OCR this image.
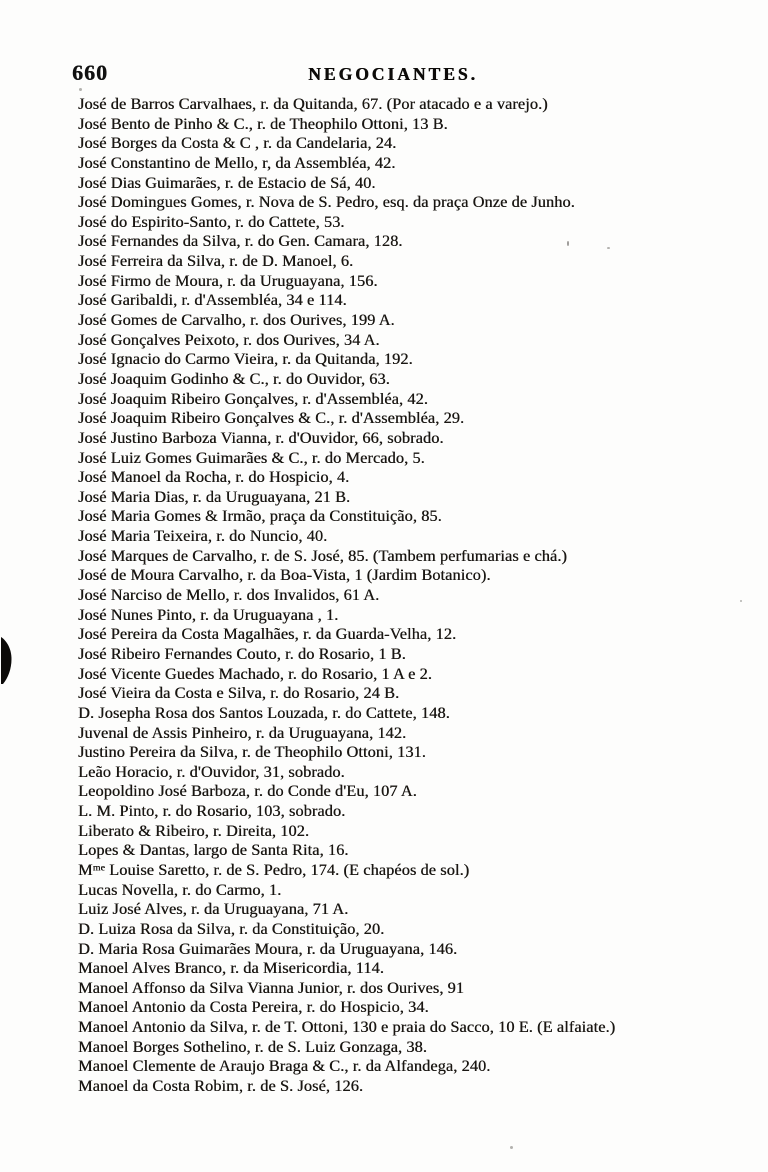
660	NEGOCIANTES.
José de Barros Carvalhaes, r. da Quitanda, 67. (Por atacado e a varejo.)
José Bento de Pinho & C., r. de Theophilo Ottoni, 13 B.
José Borges da Costa & C , r. da Candelaria, 24.
José Constantino de Mello, r, da Assembléa, 42.
José Dias Guimarães, r. de Estacio de Sá, 40.
José Domingues Gomes, r. Nova de S. Pedro, esq. da praça Onze de Junho.
José do Espirito-Santo, r. do Cattete, 53.
José Fernandes da Silva, r. do Gen. Camara, 128.
José Ferreira da Silva, r. de D. Manoel, 6.
José Firmo de Moura, r. da Uruguayana, 156.
José Garibaldi, r. d'Assembléa, 34 e 114.
José Gomes de Carvalho, r. dos Ourives, 199 A.
José Gonçalves Peixoto, r. dos Ourives, 34 A.
José Ignacio do Carmo Vieira, r. da Quitanda, 192.
José Joaquim Godinho & C., r. do Ouvidor, 63.
José Joaquim Ribeiro Gonçalves, r. d'Assembléa, 42.
José Joaquim Ribeiro Gonçalves & C., r. d'Assembléa, 29.
José Justino Barboza Vianna, r. d'Ouvidor, 66, sobrado.
José Luiz Gomes Guimarães & C., r. do Mercado, 5.
José Manoel da Rocha, r. do Hospicio, 4.
José Maria Dias, r. da Uruguayana, 21 B.
José Maria Gomes & Irmão, praça da Constituição, 85.
José Maria Teixeira, r. do Nuncio, 40.
José Marques de Carvalho, r. de S. José, 85. (Tambem perfumarias e chá.)
José de Moura Carvalho, r. da Boa-Vista, 1 (Jardim Botanico).
José Narciso de Mello, r. dos Invalidos, 61 A.
José Nunes Pinto, r. da Uruguayana , 1.
José Pereira da Costa Magalhães, r. da Guarda-Velha, 12.
José Ribeiro Fernandes Couto, r. do Rosario, 1 B.
José Vicente Guedes Machado, r. do Rosario, 1 A e 2.
José Vieira da Costa e Silva, r. do Rosario, 24 B.
D. Josepha Rosa dos Santos Louzada, r. do Cattete, 148.
Juvenal de Assis Pinheiro, r. da Uruguayana, 142.
Justino Pereira da Silva, r. de Theophilo Ottoni, 131.
Leão Horacio, r. d'Ouvidor, 31, sobrado.
Leopoldino José Barboza, r. do Conde d'Eu, 107 A.
L. M. Pinto, r. do Rosario, 103, sobrado.
Liberato & Ribeiro, r. Direita, 102.
Lopes & Dantas, largo de Santa Rita, 16.
Mᵐᵉ Louise Saretto, r. de S. Pedro, 174. (E chapéos de sol.)
Lucas Novella, r. do Carmo, 1.
Luiz José Alves, r. da Uruguayana, 71 A.
D. Luiza Rosa da Silva, r. da Constituição, 20.
D. Maria Rosa Guimarães Moura, r. da Uruguayana, 146.
Manoel Alves Branco, r. da Misericordia, 114.
Manoel Affonso da Silva Vianna Junior, r. dos Ourives, 91
Manoel Antonio da Costa Pereira, r. do Hospicio, 34.
Manoel Antonio da Silva, r. de T. Ottoni, 130 e praia do Sacco, 10 E. (E alfaiate.)
Manoel Borges Sothelino, r. de S. Luiz Gonzaga, 38.
Manoel Clemente de Araujo Braga & C., r. da Alfandega, 240.
Manoel da Costa Robim, r. de S. José, 126.
